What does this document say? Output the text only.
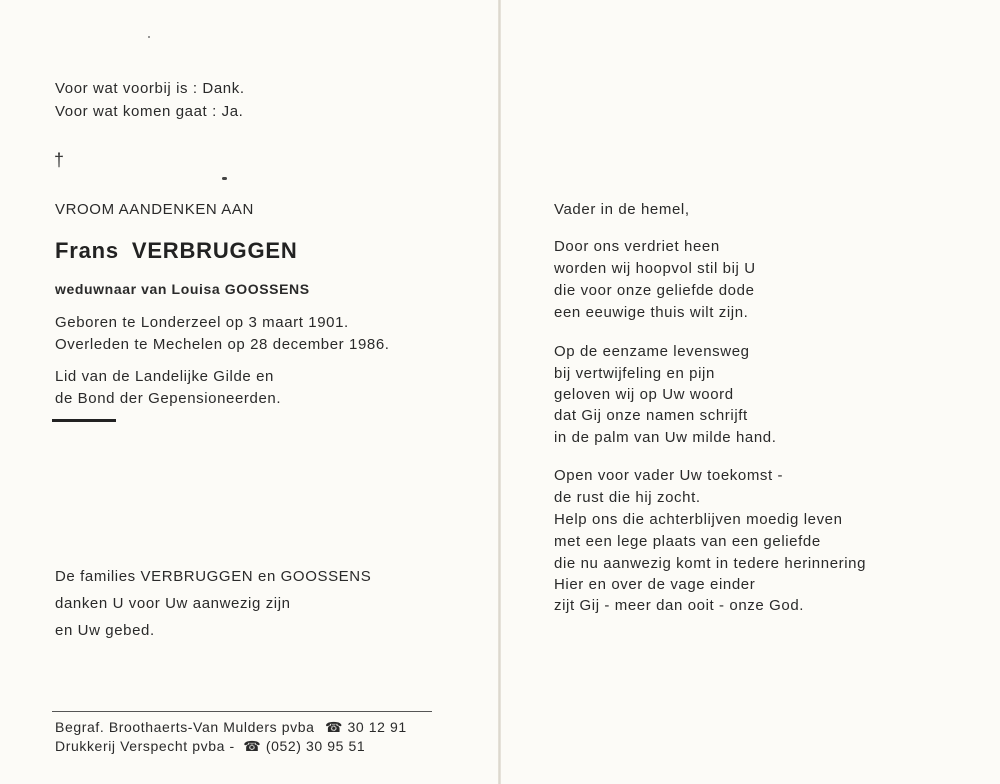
Voor wat voorbij is : Dank.
Voor wat komen gaat : Ja.
†
VROOM AANDENKEN AAN
Frans VERBRUGGEN
weduwnaar van Louisa GOOSSENS
Geboren te Londerzeel op 3 maart 1901.
Overleden te Mechelen op 28 december 1986.
Lid van de Landelijke Gilde en
de Bond der Gepensioneerden.
De families VERBRUGGEN en GOOSSENS
danken U voor Uw aanwezig zijn
en Uw gebed.
Begraf. Broothaerts-Van Mulders pvba ☎ 30 12 91
Drukkerij Verspecht pvba - ☎ (052) 30 95 51
Vader in de hemel,
Door ons verdriet heen
worden wij hoopvol stil bij U
die voor onze geliefde dode
een eeuwige thuis wilt zijn.
Op de eenzame levensweg
bij vertwijfeling en pijn
geloven wij op Uw woord
dat Gij onze namen schrijft
in de palm van Uw milde hand.
Open voor vader Uw toekomst -
de rust die hij zocht.
Help ons die achterblijven moedig leven
met een lege plaats van een geliefde
die nu aanwezig komt in tedere herinnering
Hier en over de vage einder
zijt Gij - meer dan ooit - onze God.
